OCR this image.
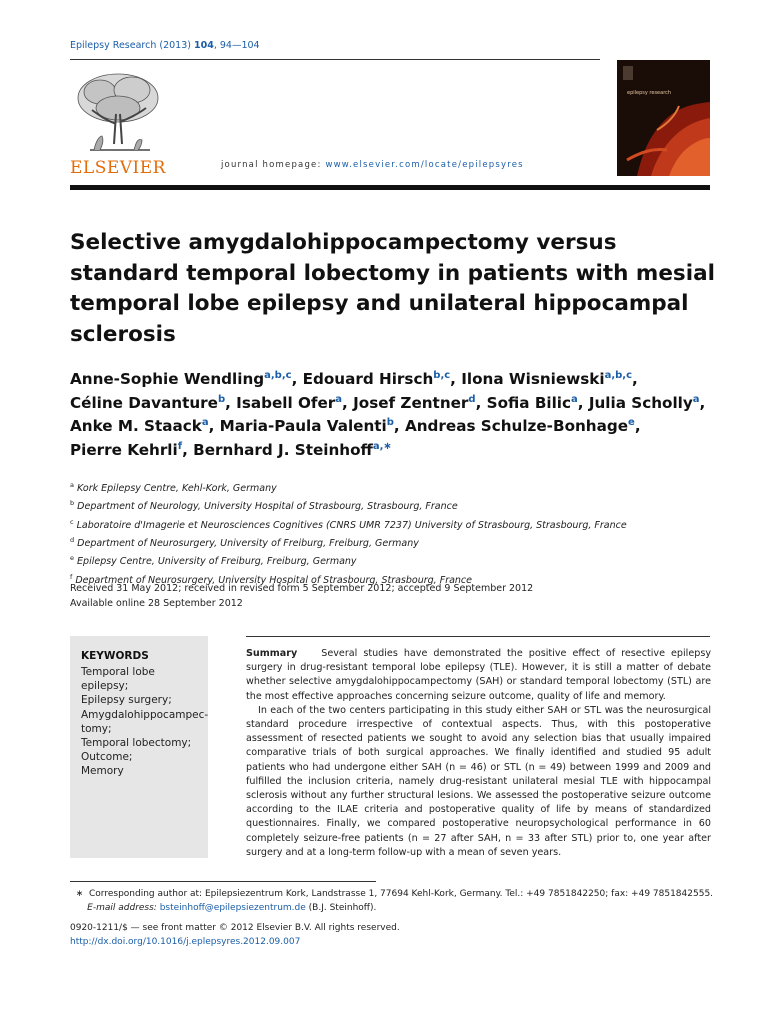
Epilepsy Research (2013) 104, 94—104
ELSEVIER	journal homepage: www.elsevier.com/locate/epilepsyres
epilepsy research
Selective amygdalohippocampectomy versus standard temporal lobectomy in patients with mesial temporal lobe epilepsy and unilateral hippocampal sclerosis
Anne-Sophie Wendling$^{a,b,c}$, Edouard Hirsch$^{b,c}$, Ilona Wisniewski$^{a,b,c}$,
Céline Davanture$^b$, Isabell Ofer$^a$, Josef Zentner$^d$, Sofia Bilic$^a$, Julia Scholly$^a$,
Anke M. Staack$^a$, Maria-Paula Valenti$^b$, Andreas Schulze-Bonhage$^e$,
Pierre Kehrli$^f$, Bernhard J. Steinhoff$^{a,∗}$
$^a$ Kork Epilepsy Centre, Kehl-Kork, Germany
$^b$ Department of Neurology, University Hospital of Strasbourg, Strasbourg, France
$^c$ Laboratoire d'Imagerie et Neurosciences Cognitives (CNRS UMR 7237) University of Strasbourg, Strasbourg, France
$^d$ Department of Neurosurgery, University of Freiburg, Freiburg, Germany
$^e$ Epilepsy Centre, University of Freiburg, Freiburg, Germany
$^f$ Department of Neurosurgery, University Hospital of Strasbourg, Strasbourg, France
Received 31 May 2012; received in revised form 5 September 2012; accepted 9 September 2012
Available online 28 September 2012
KEYWORDS
Temporal lobe
epilepsy;
Epilepsy surgery;
Amygdalohippocampec-
tomy;
Temporal lobectomy;
Outcome;
Memory

Summary	Several studies have demonstrated the positive effect of resective epilepsy surgery in drug-resistant temporal lobe epilepsy (TLE). However, it is still a matter of debate whether selective amygdalohippocampectomy (SAH) or standard temporal lobectomy (STL) are the most effective approaches concerning seizure outcome, quality of life and memory.

In each of the two centers participating in this study either SAH or STL was the neurosurgical standard procedure irrespective of contextual aspects. Thus, with this postoperative assessment of resected patients we sought to avoid any selection bias that usually impaired comparative trials of both surgical approaches. We finally identified and studied 95 adult patients who had undergone either SAH (n = 46) or STL (n = 49) between 1999 and 2009 and fulfilled the inclusion criteria, namely drug-resistant unilateral mesial TLE with hippocampal sclerosis without any further structural lesions. We assessed the postoperative seizure outcome according to the ILAE criteria and postoperative quality of life by means of standardized questionnaires. Finally, we compared postoperative neuropsychological performance in 60 completely seizure-free patients (n = 27 after SAH, n = 33 after STL) prior to, one year after surgery and at a long-term follow-up with a mean of seven years.

∗ Corresponding author at: Epilepsiezentrum Kork, Landstrasse 1, 77694 Kehl-Kork, Germany. Tel.: +49 7851842250; fax: +49 7851842555.
E-mail address: bsteinhoff@epilepsiezentrum.de (B.J. Steinhoff).
0920-1211/$ — see front matter © 2012 Elsevier B.V. All rights reserved.
http://dx.doi.org/10.1016/j.eplepsyres.2012.09.007
